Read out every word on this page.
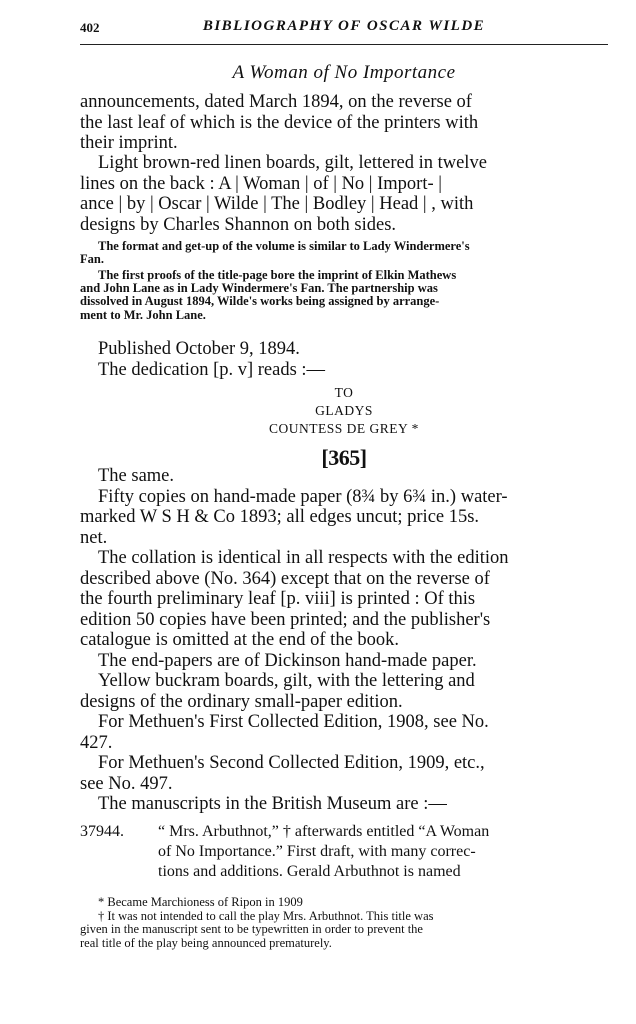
402	BIBLIOGRAPHY OF OSCAR WILDE
A Woman of No Importance
announcements, dated March 1894, on the reverse of
the last leaf of which is the device of the printers with
their imprint.
Light brown-red linen boards, gilt, lettered in twelve
lines on the back : A | Woman | of | No | Import- |
ance | by | Oscar | Wilde | The | Bodley | Head | , with
designs by Charles Shannon on both sides.
The format and get-up of the volume is similar to Lady Windermere's
Fan.
The first proofs of the title-page bore the imprint of Elkin Mathews
and John Lane as in Lady Windermere's Fan. The partnership was
dissolved in August 1894, Wilde's works being assigned by arrange-
ment to Mr. John Lane.
Published October 9, 1894.
The dedication [p. v] reads :—
TO
GLADYS
COUNTESS DE GREY *
[365]
The same.
Fifty copies on hand-made paper (8¾ by 6¾ in.) water-
marked W S H & Co 1893; all edges uncut; price 15s.
net.
The collation is identical in all respects with the edition
described above (No. 364) except that on the reverse of
the fourth preliminary leaf [p. viii] is printed : Of this
edition 50 copies have been printed; and the publisher's
catalogue is omitted at the end of the book.
The end-papers are of Dickinson hand-made paper.
Yellow buckram boards, gilt, with the lettering and
designs of the ordinary small-paper edition.
For Methuen's First Collected Edition, 1908, see No.
427.
For Methuen's Second Collected Edition, 1909, etc.,
see No. 497.
The manuscripts in the British Museum are :—
37944.	“ Mrs. Arbuthnot,” † afterwards entitled “A Woman
of No Importance.” First draft, with many correc-
tions and additions. Gerald Arbuthnot is named
* Became Marchioness of Ripon in 1909
† It was not intended to call the play Mrs. Arbuthnot. This title was
given in the manuscript sent to be typewritten in order to prevent the
real title of the play being announced prematurely.
